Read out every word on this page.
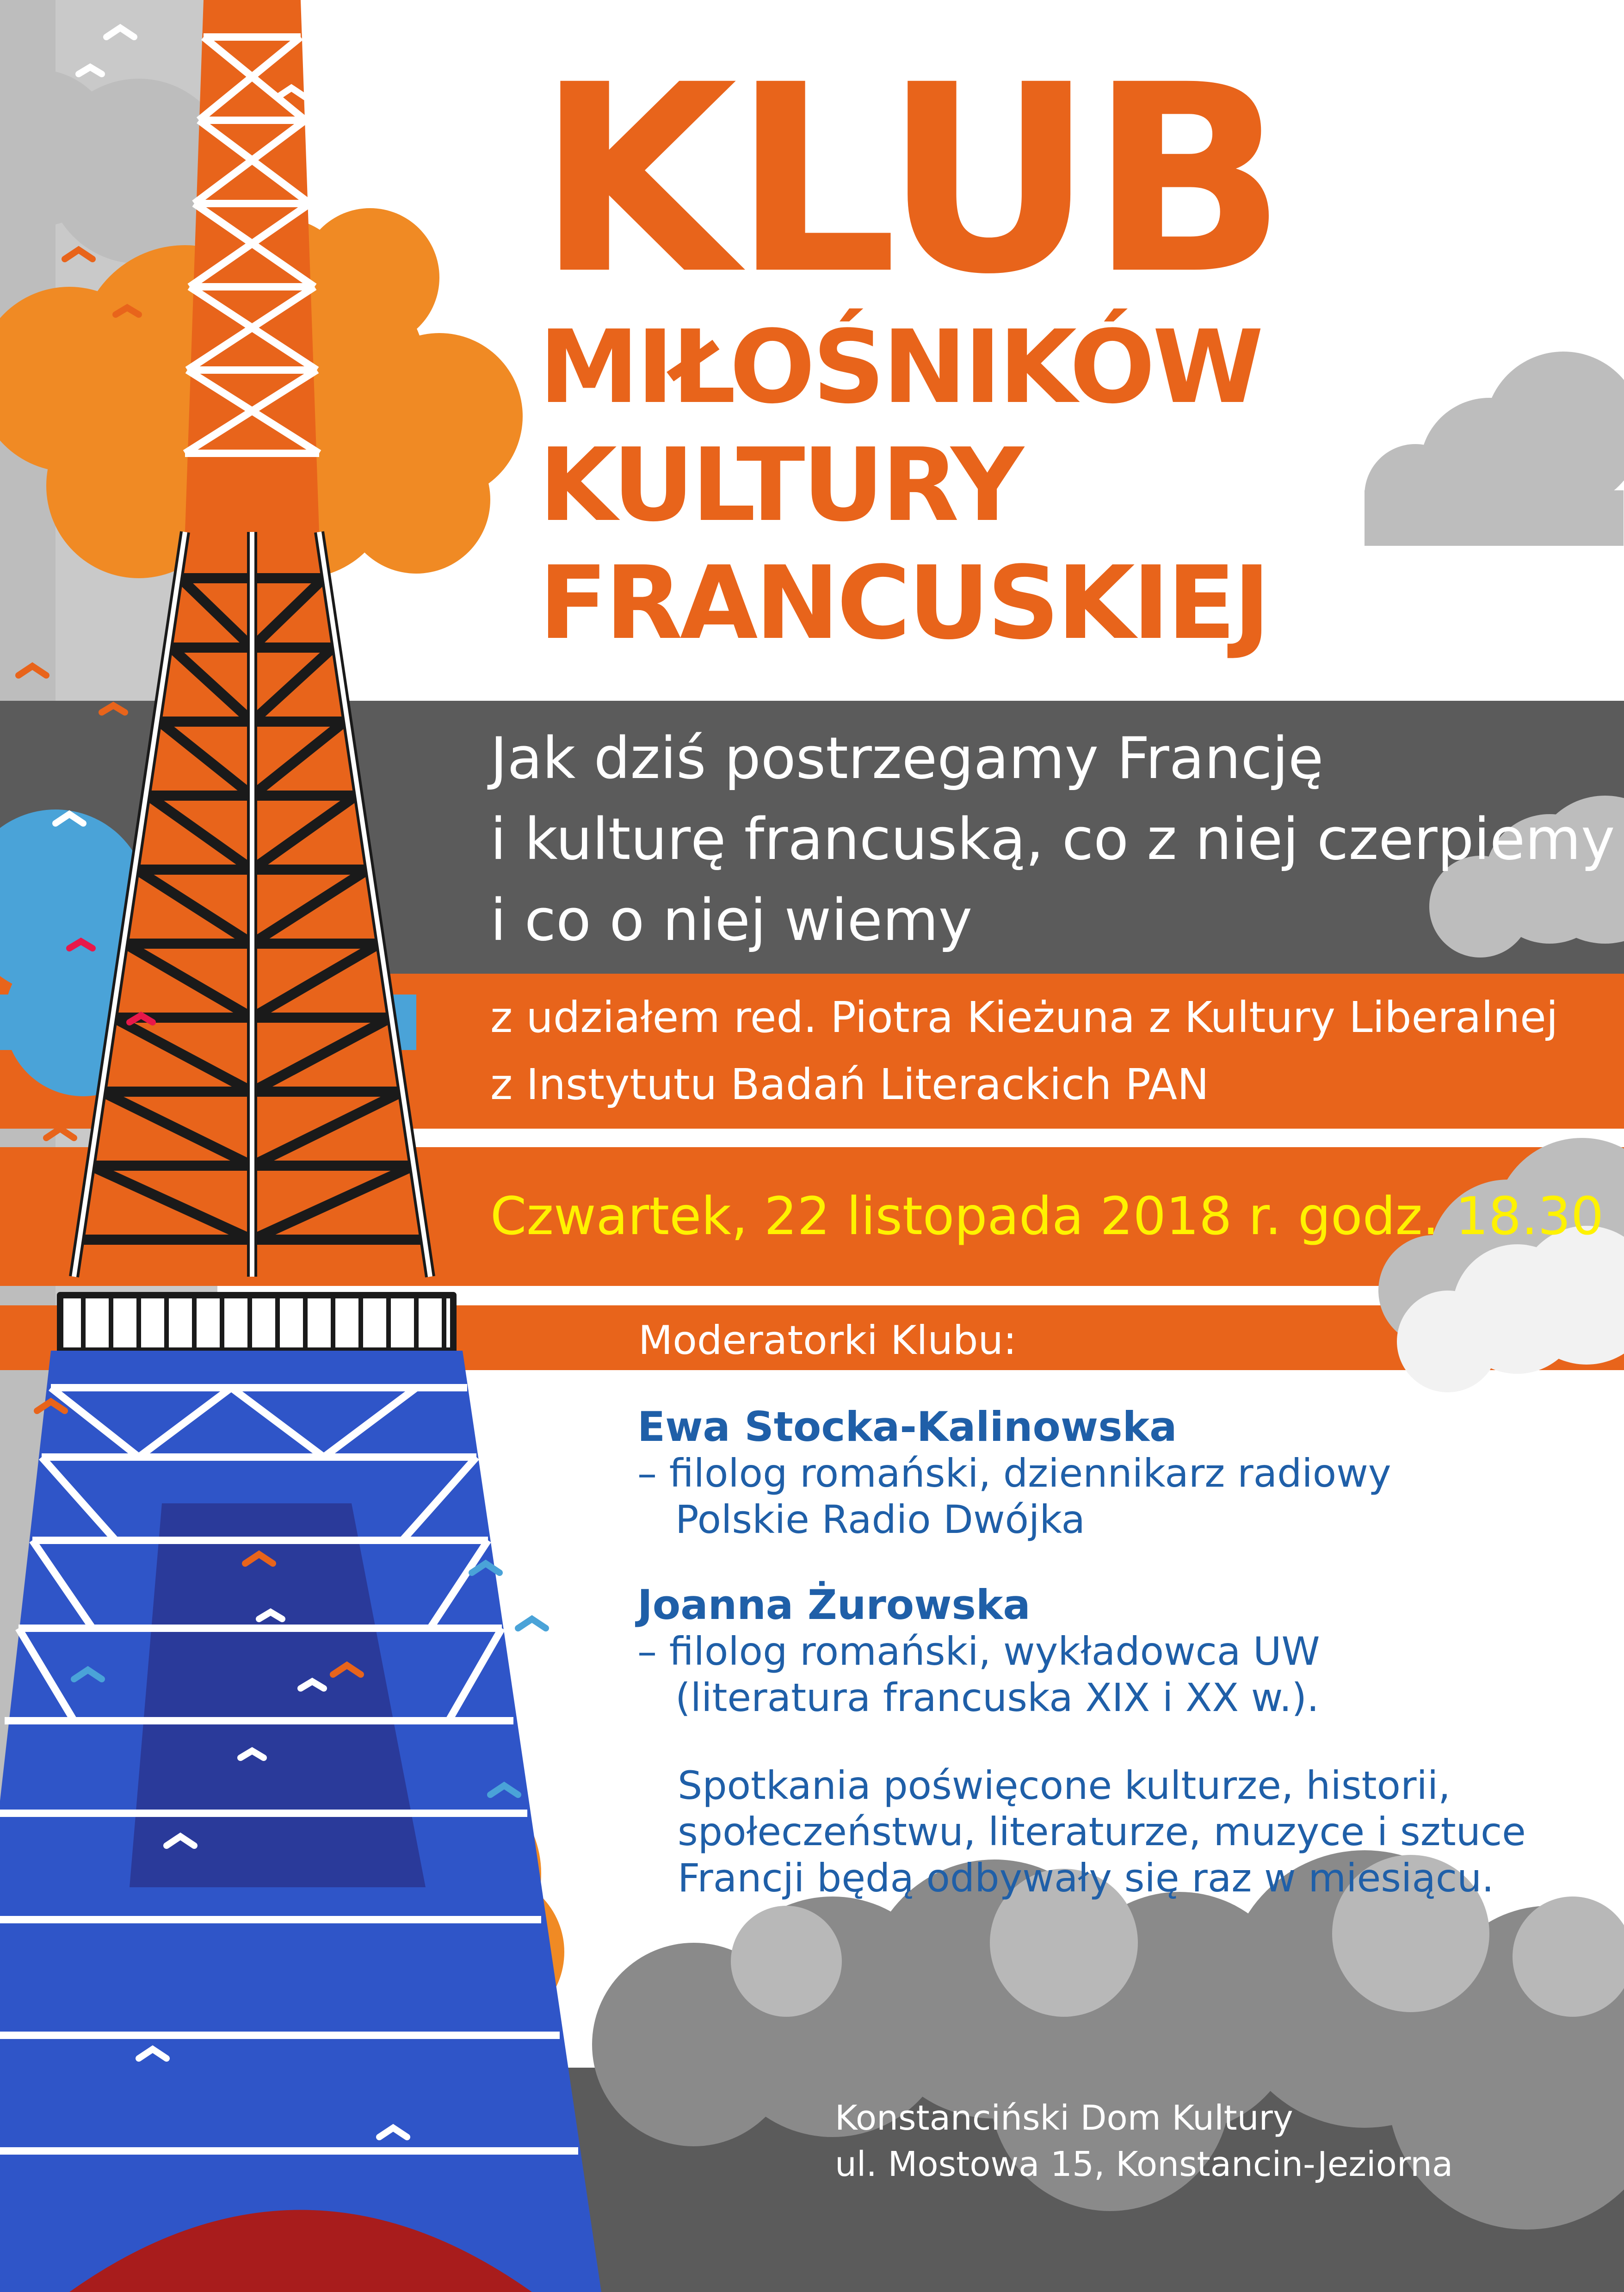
KLUB
MIŁOŚNIKÓW
KULTURY
FRANCUSKIEJ
Jak dziś postrzegamy Francję
i kulturę francuską, co z niej czerpiemy
i co o niej wiemy
z udziałem red. Piotra Kieżuna z Kultury Liberalnej
z Instytutu Badań Literackich PAN
Czwartek, 22 listopada 2018 r. godz. 18.30
Moderatorki Klubu:
Ewa Stocka-Kalinowska
– filolog romański, dziennikarz radiowy
Polskie Radio Dwójka
Joanna Żurowska
– filolog romański, wykładowca UW
(literatura francuska XIX i XX w.).
Spotkania poświęcone kulturze, historii,
społeczeństwu, literaturze, muzyce i sztuce
Francji będą odbywały się raz w miesiącu.
Konstanciński Dom Kultury
ul. Mostowa 15, Konstancin-Jeziorna
